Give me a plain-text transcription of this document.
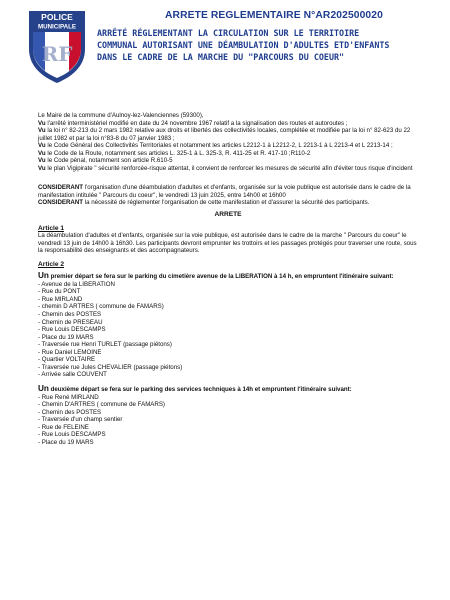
POLICE
MUNICIPALE
RF
ARRETE REGLEMENTAIRE N°AR202500020
ARRÊTÉ RÉGLEMENTANT LA CIRCULATION SUR LE TERRITOIRE
COMMUNAL AUTORISANT UNE DÉAMBULATION D'ADULTES ETD'ENFANTS
DANS LE CADRE DE LA MARCHE DU "PARCOURS DU COEUR"

Le Maire de la commune d'Aulnoy-lez-Valenciennes (59300),

Vu l'arrêté interministériel modifié en date du 24 novembre 1967 relatif a la signalisation des routes et autoroutes ;

Vu la loi n° 82-213 du 2 mars 1982 relative aux droits et libertés des collectivités locales, complétée et modifiée par la loi n° 82-623 du 22 juillet 1982 et par la loi n°83-8 du 07 janvier 1983 ;

Vu le Code Général des Collectivités Territoriales et notamment les articles L2212-1 à L2212-2, L 2213-1 à L 2213-4 et L 2213-14 ;

Vu le Code de la Route, notamment ses articles L. 325-1 à L. 325-3, R. 411-25 et R. 417-10 ;R110-2

Vu le Code pénal, notamment son article R.610-5

Vu le plan Vigipirate " sécurité renforcée-risque attentat, il convient de renforcer les mesures de sécurité afin d'éviter tous risque d'incident

CONSIDERANT l'organisation d'une déambulation d'adultes et d'enfants, organisée sur la voie publique est autorisée dans le cadre de la manifestation intitulée " Parcours du coeur", le vendredi 13 juin 2025, entre 14h00 et 16h00

CONSIDERANT la nécessité de réglementer l'organisation de cette manifestation et d'assurer la sécurité des participants.

ARRETE

Article 1

La déambulation d'adultes et d'enfants, organisée sur la voie publique, est autorisée dans le cadre de la marche " Parcours du coeur" le vendredi 13 juin de 14h00 à 16h30. Les participants devront emprunter les trottoirs et les passages protégés pour traverser une route, sous la responsabilité des enseignants et des accompagnateurs.

Article 2

Un premier départ se fera sur le parking du cimetière avenue de la LIBERATION à 14 h, en empruntent l'itinéraire suivant:

- Avenue de la LIBERATION
- Rue du PONT
- Rue MIRLAND
- chemin D ARTRES ( commune de FAMARS)
- Chemin des POSTES
- Chemin de PRESEAU
- Rue Louis DESCAMPS
- Place du 19 MARS
- Traversée rue Henri TURLET (passage piétons)
- Rue Daniel LEMOINE
- Quartier VOLTAIRE
- Traversée rue Jules CHEVALIER (passage piétons)
- Arrivée salle COUVENT

Un deuxième départ se fera sur le parking des services techniques à 14h et empruntent l'itinéraire suivant:

- Rue René MIRLAND
- Chemin D'ARTRES ( commune de FAMARS)
- Chemin des POSTES
- Traversée d'un champ sentier
- Rue de FELEINE
- Rue Louis DESCAMPS
- Place du 19 MARS
